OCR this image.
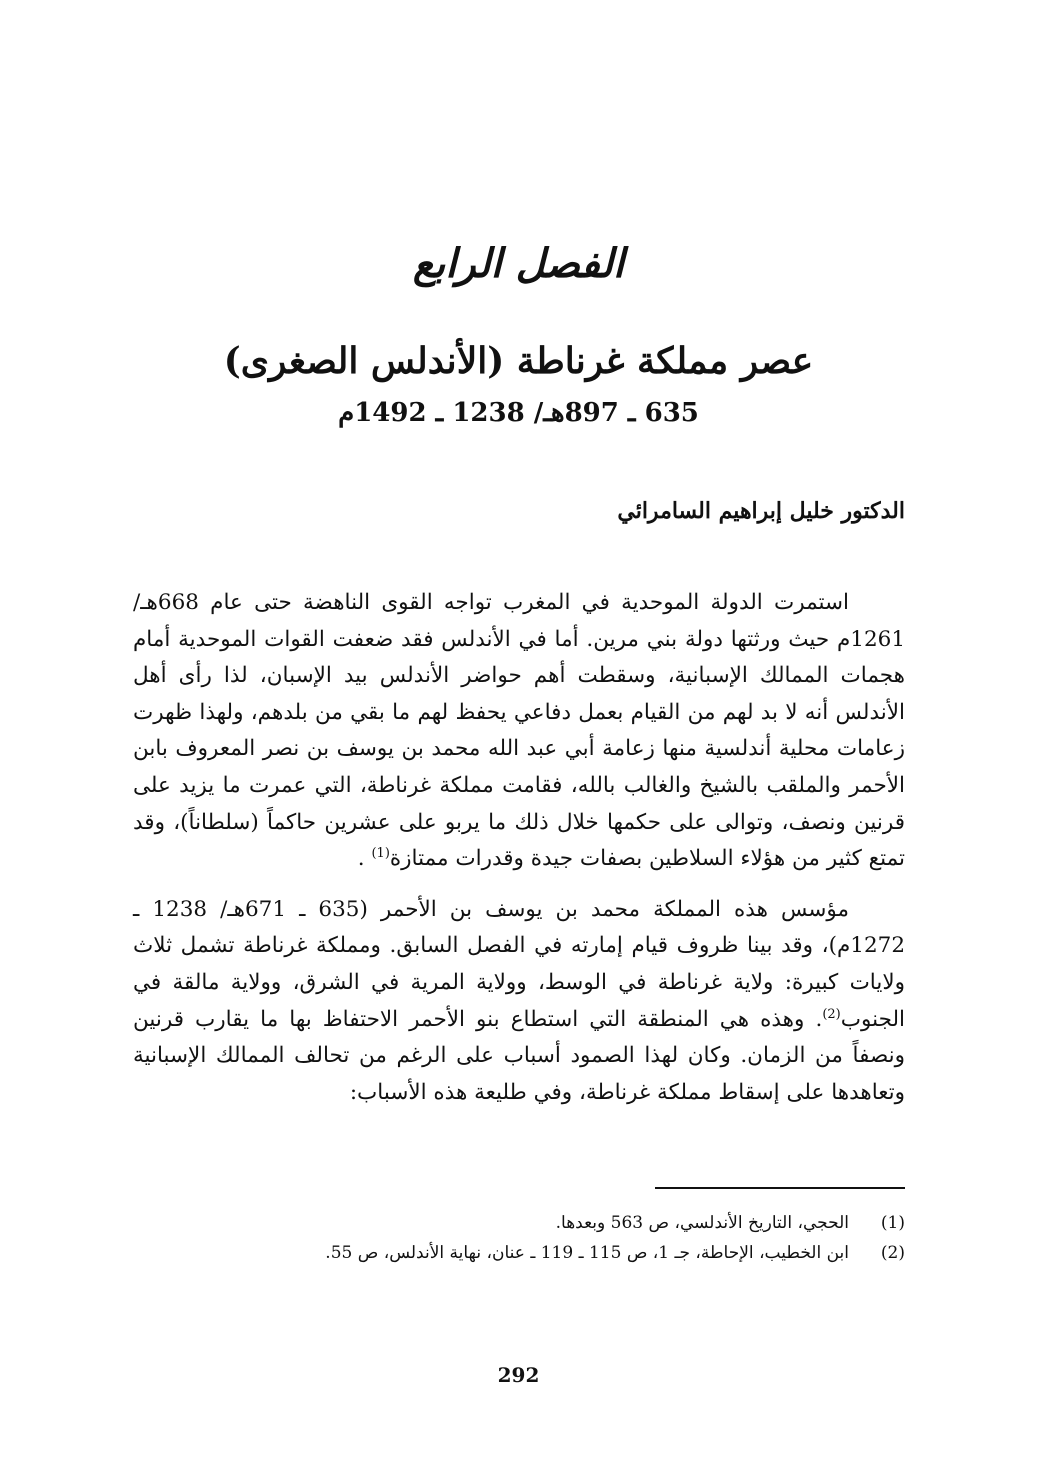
الفصل الرابع
عصر مملكة غرناطة (الأندلس الصغرى)
635 ـ 897هـ/ 1238 ـ 1492م
الدكتور خليل إبراهيم السامرائي

استمرت الدولة الموحدية في المغرب تواجه القوى الناهضة حتى عام 668هـ/ 1261م حيث ورثتها دولة بني مرين. أما في الأندلس فقد ضعفت القوات الموحدية أمام هجمات الممالك الإسبانية، وسقطت أهم حواضر الأندلس بيد الإسبان، لذا رأى أهل الأندلس أنه لا بد لهم من القيام بعمل دفاعي يحفظ لهم ما بقي من بلدهم، ولهذا ظهرت زعامات محلية أندلسية منها زعامة أبي عبد الله محمد بن يوسف بن نصر المعروف بابن الأحمر والملقب بالشيخ والغالب بالله، فقامت مملكة غرناطة، التي عمرت ما يزيد على قرنين ونصف، وتوالى على حكمها خلال ذلك ما يربو على عشرين حاكماً (سلطاناً)، وقد تمتع كثير من هؤلاء السلاطين بصفات جيدة وقدرات ممتازة$^{(1)}$ .

مؤسس هذه المملكة محمد بن يوسف بن الأحمر (635 ـ 671هـ/ 1238 ـ 1272م)، وقد بينا ظروف قيام إمارته في الفصل السابق. ومملكة غرناطة تشمل ثلاث ولايات كبيرة: ولاية غرناطة في الوسط، وولاية المرية في الشرق، وولاية مالقة في الجنوب$^{(2)}$. وهذه هي المنطقة التي استطاع بنو الأحمر الاحتفاظ بها ما يقارب قرنين ونصفاً من الزمان. وكان لهذا الصمود أسباب على الرغم من تحالف الممالك الإسبانية وتعاهدها على إسقاط مملكة غرناطة، وفي طليعة هذه الأسباب:

(1)
الحجي، التاريخ الأندلسي، ص 563 وبعدها.
(2)
ابن الخطيب، الإحاطة، جـ 1، ص 115 ـ 119 ـ عنان، نهاية الأندلس، ص 55.
292
